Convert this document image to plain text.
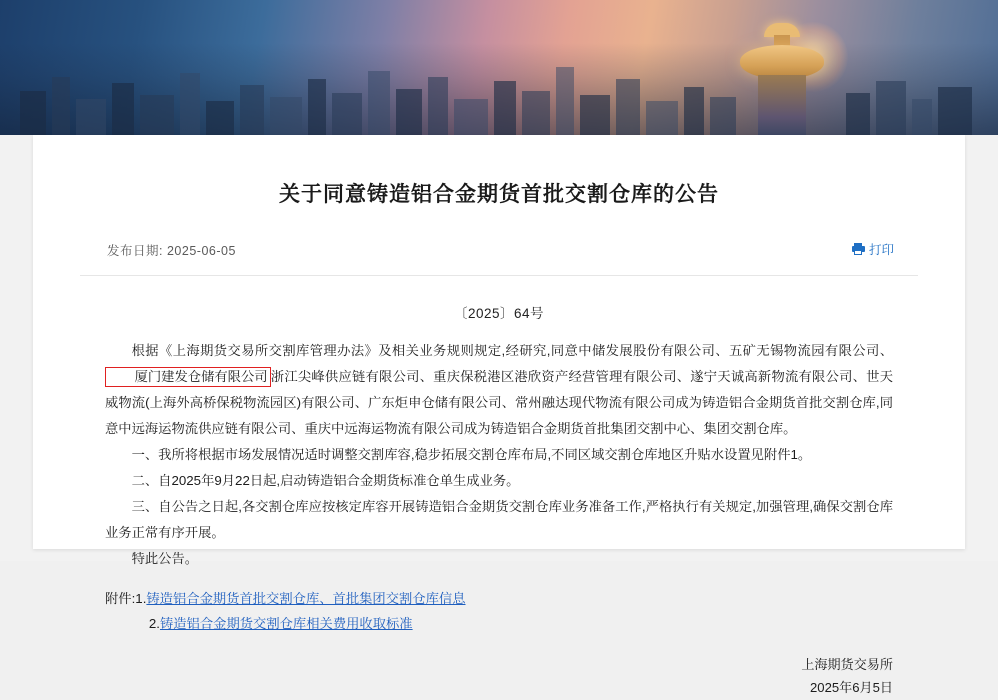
关于同意铸造铝合金期货首批交割仓库的公告
发布日期: 2025-06-05	打印
〔2025〕64号

根据《上海期货交易所交割库管理办法》及相关业务规则规定,经研究,同意中储发展股份有限公司、五矿无锡物流园有限公司、厦门建发仓储有限公司 浙江尖峰供应链有限公司、重庆保税港区港欣资产经营管理有限公司、遂宁天诚高新物流有限公司、世天威物流(上海外高桥保税物流园区)有限公司、广东炬申仓储有限公司、常州融达现代物流有限公司成为铸造铝合金期货首批交割仓库,同意中远海运物流供应链有限公司、重庆中远海运物流有限公司成为铸造铝合金期货首批集团交割中心、集团交割仓库。

一、我所将根据市场发展情况适时调整交割库容,稳步拓展交割仓库布局,不同区域交割仓库地区升贴水设置见附件1。

二、自2025年9月22日起,启动铸造铝合金期货标准仓单生成业务。

三、自公告之日起,各交割仓库应按核定库容开展铸造铝合金期货交割仓库业务准备工作,严格执行有关规定,加强管理,确保交割仓库业务正常有序开展。

特此公告。

附件:1.铸造铝合金期货首批交割仓库、首批集团交割仓库信息
2.铸造铝合金期货交割仓库相关费用收取标准
上海期货交易所
2025年6月5日
